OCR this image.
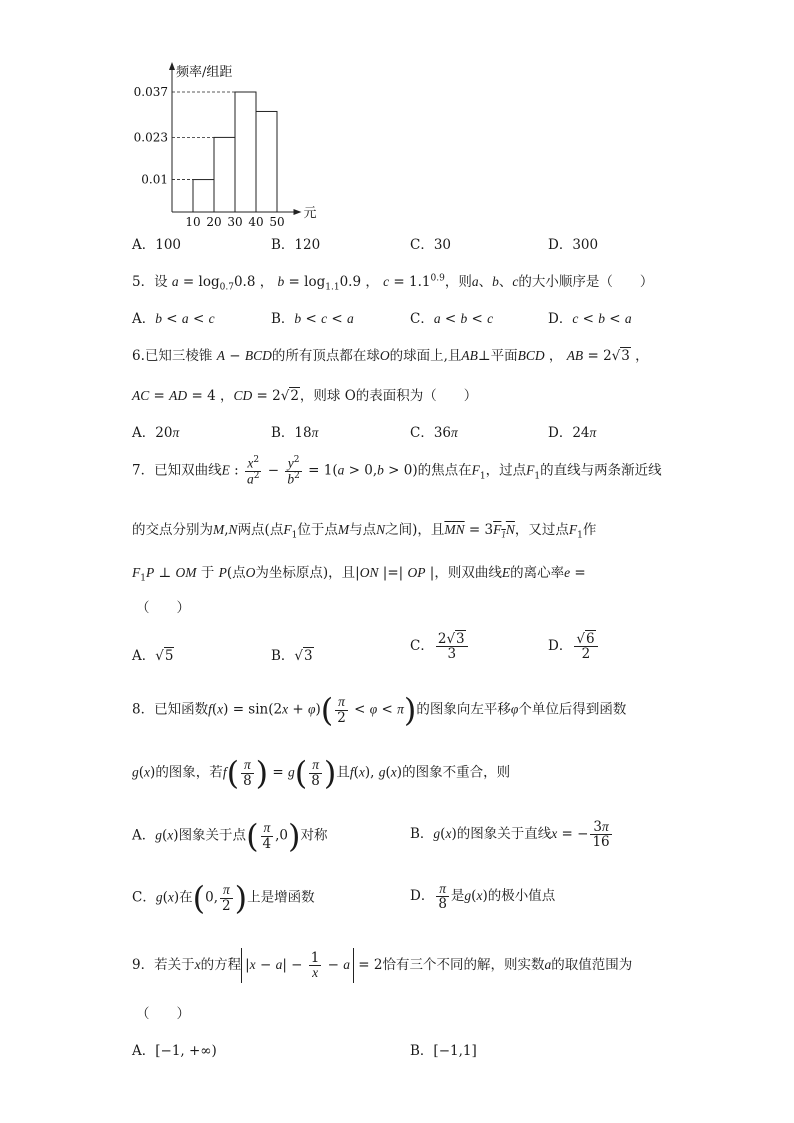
0.01
0.023
0.037
10 20 30 40 50
频率/组距
元
A．100	B．120	C．30	D．300
5．设 $a = \log_{0.7}0.8$ ， $b = \log_{1.1}0.9$ ， $c = 1.1^{0.9}$，则a、b、c的大小顺序是（　　）
A．b < a < c	B．b < c < a	C．a < b < c	D．c < b < a
6.已知三棱锥 A − BCD的所有顶点都在球O的球面上,且AB⊥平面BCD ， AB = 2√3 ，
AC = AD = 4 ，CD = 2√2，则球 O的表面积为（　　）
A．20π	B．18π	C．36π	D．24π
7．已知双曲线E : $\frac{x^2}{a^2} - \frac{y^2}{b^2} = 1(a > 0,b > 0)$的焦点在$F_1$，过点$F_1$的直线与两条渐近线
的交点分别为M,N两点(点$F_1$位于点M与点N之间)，且$\overline{MN} = 3F_1N$，又过点$F_1$作
$F_1P$ ⊥ OM 于 P(点O为坐标原点)，且|ON |=| OP |，则双曲线E的离心率e =
（　　）
A．√5	B．√3
C． $\frac{2√3}{3}$	D． $\frac{√6}{2}$
8．已知函数$f(x) = \sin(2x + \varphi)( \frac{\pi}{2} < \varphi < \pi)$的图象向左平移φ个单位后得到函数
g(x)的图象，若$f( \frac{\pi}{8}$ ) = $g( \frac{\pi}{8}$ )且f(x), g(x)的图象不重合，则
A．g(x)图象关于点( $\frac{\pi}{4} ,0$)对称	B．g(x)的图象关于直线x = − $\frac{3\pi}{16}$
C．g(x)在(0, $\frac{\pi}{2}$ )上是增函数	D． $\frac{\pi}{8}$ 是g(x)的极小值点
9．若关于x的方程 $|x - a| - \frac{1}{x} - a = 2$恰有三个不同的解，则实数a的取值范围为
（　　）
A．[−1, +∞)	B．[−1,1]
